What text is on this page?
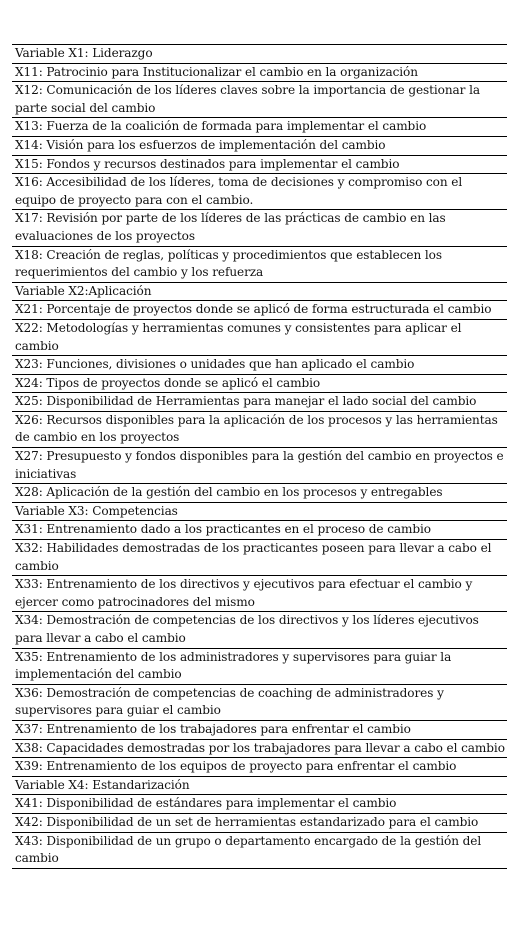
Variable X1: Liderazgo
X11: Patrocinio para Institucionalizar el cambio en la organización
X12: Comunicación de los líderes claves sobre la importancia de gestionar la parte social del cambio
X13: Fuerza de la coalición de formada para implementar el cambio
X14: Visión para los esfuerzos de implementación del cambio
X15: Fondos y recursos destinados para implementar el cambio
X16: Accesibilidad de los líderes, toma de decisiones y compromiso con el equipo de proyecto para con el cambio.
X17: Revisión por parte de los líderes de las prácticas de cambio en las evaluaciones de los proyectos
X18: Creación de reglas, políticas y procedimientos que establecen los requerimientos del cambio y los refuerza
Variable X2:Aplicación
X21: Porcentaje de proyectos donde se aplicó de forma estructurada el cambio
X22: Metodologías y herramientas comunes y consistentes para aplicar el cambio
X23: Funciones, divisiones o unidades que han aplicado el cambio
X24: Tipos de proyectos donde se aplicó el cambio
X25: Disponibilidad de Herramientas para manejar el lado social del cambio
X26: Recursos disponibles para la aplicación de los procesos y las herramientas de cambio en los proyectos
X27: Presupuesto y fondos disponibles para la gestión del cambio en proyectos e iniciativas
X28: Aplicación de la gestión del cambio en los procesos y entregables
Variable X3: Competencias
X31: Entrenamiento dado a los practicantes en el proceso de cambio
X32: Habilidades demostradas de los practicantes poseen para llevar a cabo el cambio
X33: Entrenamiento de los directivos y ejecutivos para efectuar el cambio y ejercer como patrocinadores del mismo
X34: Demostración de competencias de los directivos y los líderes ejecutivos para llevar a cabo el cambio
X35: Entrenamiento de los administradores y supervisores para guiar la implementación del cambio
X36: Demostración de competencias de coaching de administradores y supervisores para guiar el cambio
X37: Entrenamiento de los trabajadores para enfrentar el cambio
X38: Capacidades demostradas por los trabajadores para llevar a cabo el cambio
X39: Entrenamiento de los equipos de proyecto para enfrentar el cambio
Variable X4: Estandarización
X41: Disponibilidad de estándares para implementar el cambio
X42: Disponibilidad de un set de herramientas estandarizado para el cambio
X43: Disponibilidad de un grupo o departamento encargado de la gestión del cambio
